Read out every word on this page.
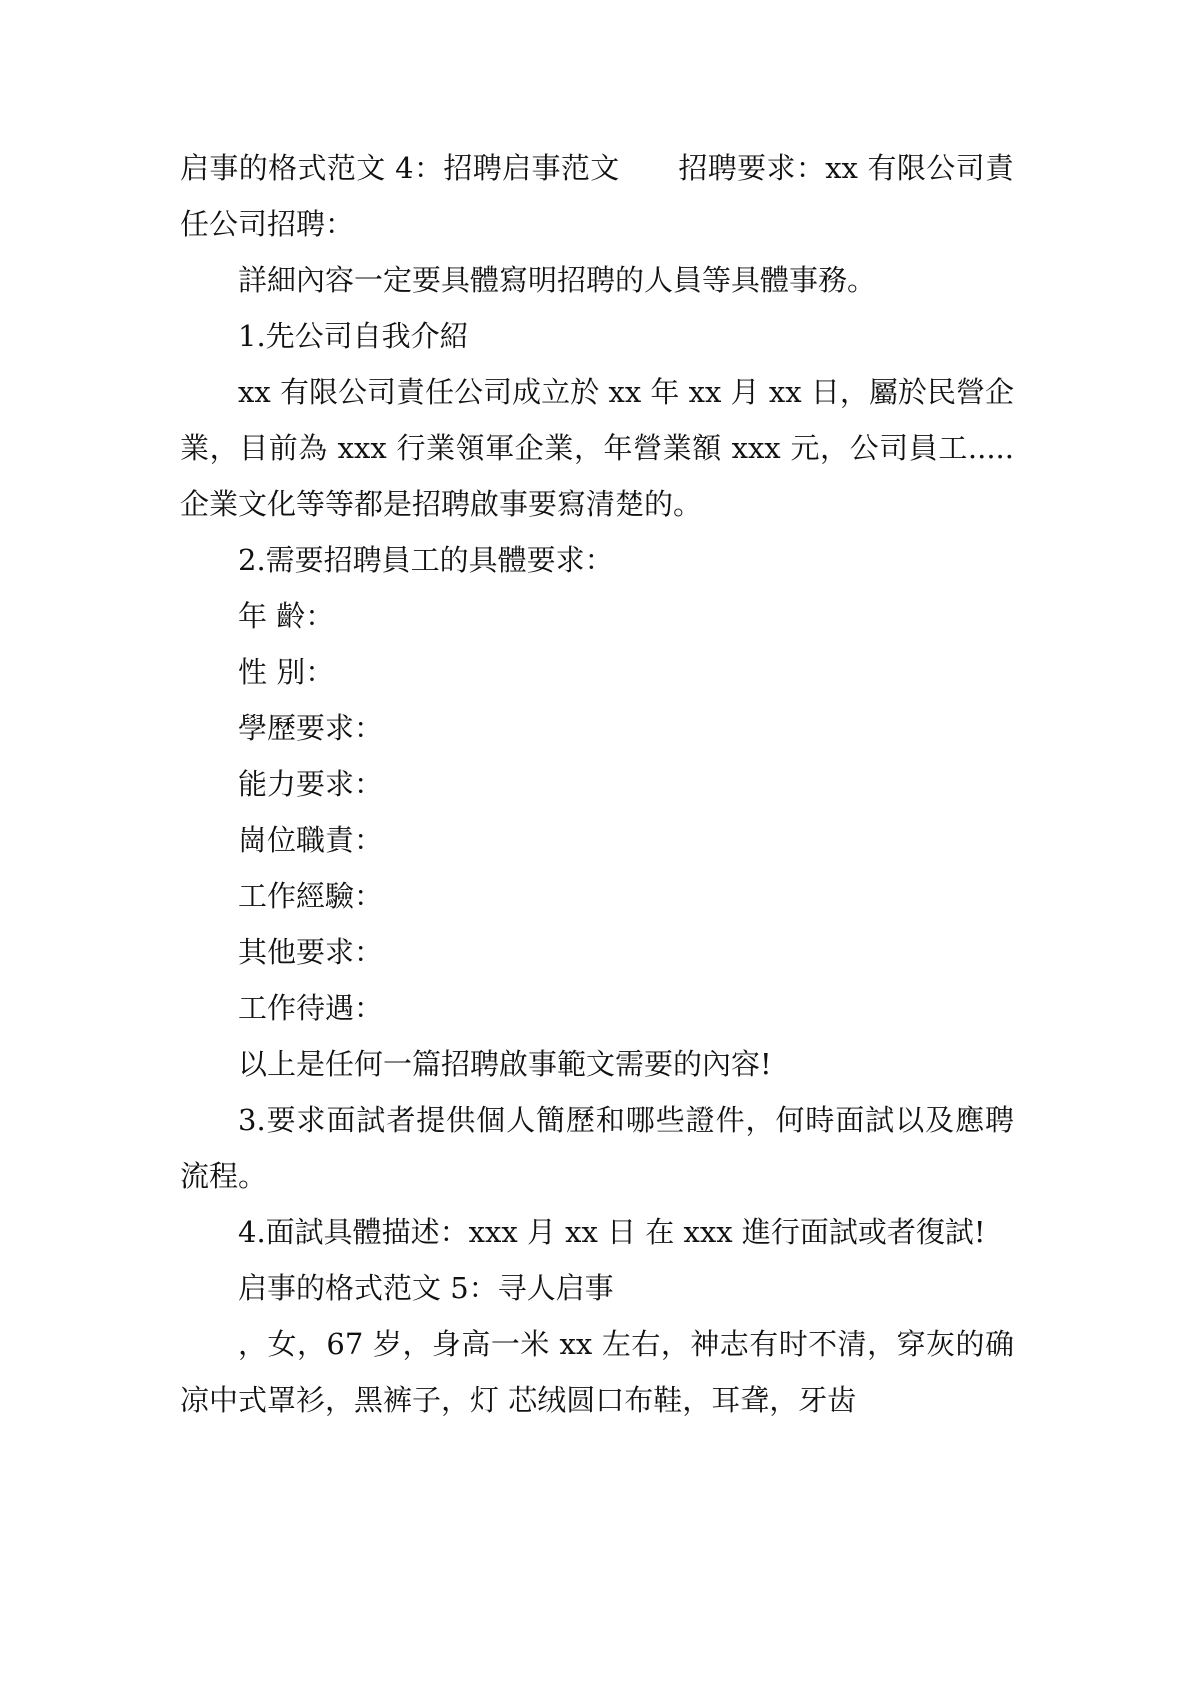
启事的格式范文 4：招聘启事范文　　招聘要求：xx 有限公司責任公司招聘：

詳細內容一定要具體寫明招聘的人員等具體事務。

1.先公司自我介紹

xx 有限公司責任公司成立於 xx 年 xx 月 xx 日，屬於民營企業，目前為 xxx 行業領軍企業，年營業額 xxx 元，公司員工.....企業文化等等都是招聘啟事要寫清楚的。

2.需要招聘員工的具體要求：

年 齡：

性 別：

學歷要求：

能力要求：

崗位職責：

工作經驗：

其他要求：

工作待遇：

以上是任何一篇招聘啟事範文需要的內容!

3.要求面試者提供個人簡歷和哪些證件，何時面試以及應聘流程。

4.面試具體描述：xxx 月 xx 日 在 xxx 進行面試或者復試!

启事的格式范文 5：寻人启事

，女，67 岁，身高一米 xx 左右，神志有时不清，穿灰的确凉中式罩衫，黑裤子，灯 芯绒圆口布鞋，耳聋，牙齿
